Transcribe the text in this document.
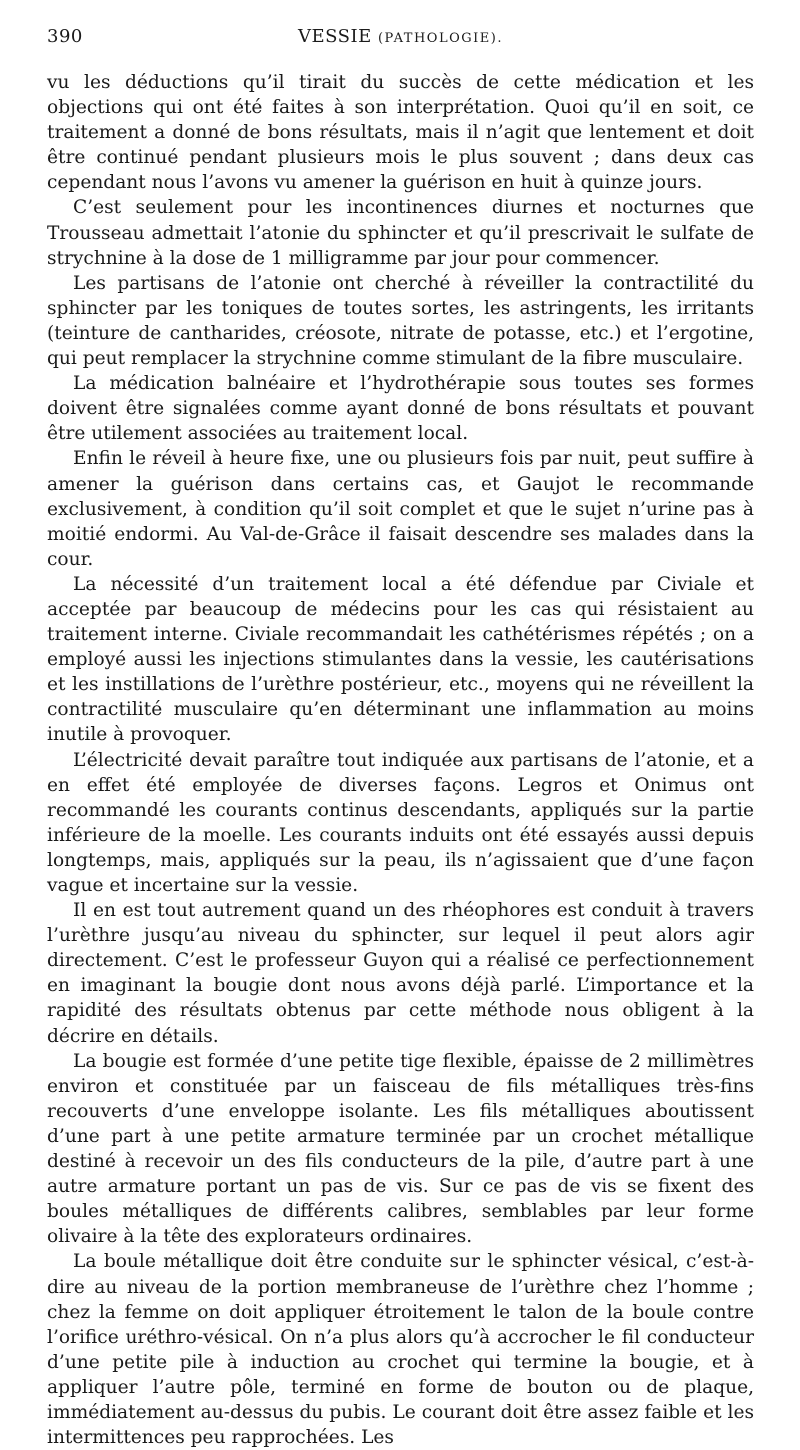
390	VESSIE (PATHOLOGIE).

vu les déductions qu’il tirait du succès de cette médication et les objections qui ont été faites à son interprétation. Quoi qu’il en soit, ce traitement a donné de bons résultats, mais il n’agit que lentement et doit être continué pendant plusieurs mois le plus souvent ; dans deux cas cependant nous l’avons vu amener la guérison en huit à quinze jours.

C’est seulement pour les incontinences diurnes et nocturnes que Trousseau admettait l’atonie du sphincter et qu’il prescrivait le sulfate de strychnine à la dose de 1 milligramme par jour pour commencer.

Les partisans de l’atonie ont cherché à réveiller la contractilité du sphincter par les toniques de toutes sortes, les astringents, les irritants (teinture de cantharides, créosote, nitrate de potasse, etc.) et l’ergotine, qui peut remplacer la strychnine comme stimulant de la fibre musculaire.

La médication balnéaire et l’hydrothérapie sous toutes ses formes doivent être signalées comme ayant donné de bons résultats et pouvant être utilement associées au traitement local.

Enfin le réveil à heure fixe, une ou plusieurs fois par nuit, peut suffire à amener la guérison dans certains cas, et Gaujot le recommande exclusivement, à condition qu’il soit complet et que le sujet n’urine pas à moitié endormi. Au Val-de-Grâce il faisait descendre ses malades dans la cour.

La nécessité d’un traitement local a été défendue par Civiale et acceptée par beaucoup de médecins pour les cas qui résistaient au traitement interne. Civiale recommandait les cathétérismes répétés ; on a employé aussi les injections stimulantes dans la vessie, les cautérisations et les instillations de l’urèthre postérieur, etc., moyens qui ne réveillent la contractilité musculaire qu’en déterminant une inflammation au moins inutile à provoquer.

L’électricité devait paraître tout indiquée aux partisans de l’atonie, et a en effet été employée de diverses façons. Legros et Onimus ont recommandé les courants continus descendants, appliqués sur la partie inférieure de la moelle. Les courants induits ont été essayés aussi depuis longtemps, mais, appliqués sur la peau, ils n’agissaient que d’une façon vague et incertaine sur la vessie.

Il en est tout autrement quand un des rhéophores est conduit à travers l’urèthre jusqu’au niveau du sphincter, sur lequel il peut alors agir directement. C’est le professeur Guyon qui a réalisé ce perfectionnement en imaginant la bougie dont nous avons déjà parlé. L’importance et la rapidité des résultats obtenus par cette méthode nous obligent à la décrire en détails.

La bougie est formée d’une petite tige flexible, épaisse de 2 millimètres environ et constituée par un faisceau de fils métalliques très-fins recouverts d’une enveloppe isolante. Les fils métalliques aboutissent d’une part à une petite armature terminée par un crochet métallique destiné à recevoir un des fils conducteurs de la pile, d’autre part à une autre armature portant un pas de vis. Sur ce pas de vis se fixent des boules métalliques de différents calibres, semblables par leur forme olivaire à la tête des explorateurs ordinaires.

La boule métallique doit être conduite sur le sphincter vésical, c’est-à-dire au niveau de la portion membraneuse de l’urèthre chez l’homme ; chez la femme on doit appliquer étroitement le talon de la boule contre l’orifice uréthro-vésical. On n’a plus alors qu’à accrocher le fil conducteur d’une petite pile à induction au crochet qui termine la bougie, et à appliquer l’autre pôle, terminé en forme de bouton ou de plaque, immédiatement au-dessus du pubis. Le courant doit être assez faible et les intermittences peu rapprochées. Les
